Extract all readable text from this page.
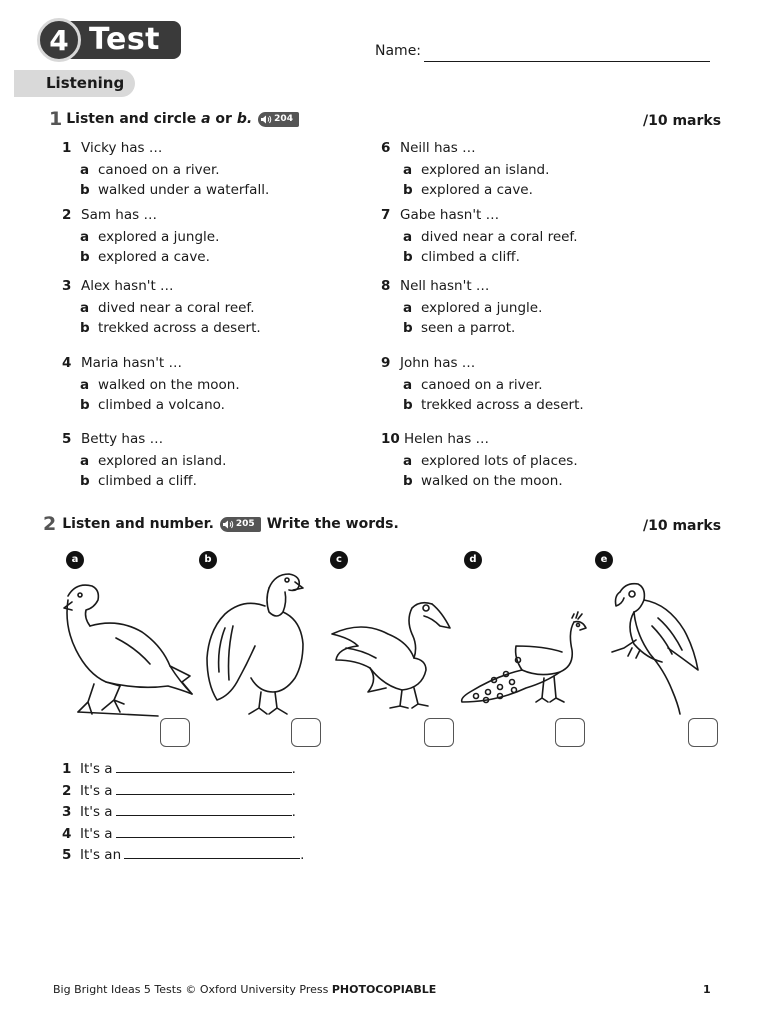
Test
4	Name:
Listening
1 Listen and circle a or b. 204	/10 marks
1 Vicky has …
a canoed on a river.
b walked under a waterfall.
2 Sam has …
a explored a jungle.
b explored a cave.
3 Alex hasn't …
a dived near a coral reef.
b trekked across a desert.
4 Maria hasn't …
a walked on the moon.
b climbed a volcano.
5 Betty has …
a explored an island.
b climbed a cliff.
6 Neill has …
a explored an island.
b explored a cave.
7 Gabe hasn't …
a dived near a coral reef.
b climbed a cliff.
8 Nell hasn't …
a explored a jungle.
b seen a parrot.
9 John has …
a canoed on a river.
b trekked across a desert.
10 Helen has …
a explored lots of places.
b walked on the moon.
2 Listen and number. 205 Write the words.	/10 marks
a	b	c	d	e
1 It's a	.
2 It's a	.
3 It's a	.
4 It's a	.
5 It's an	.
Big Bright Ideas 5 Tests © Oxford University Press PHOTOCOPIABLE	1
